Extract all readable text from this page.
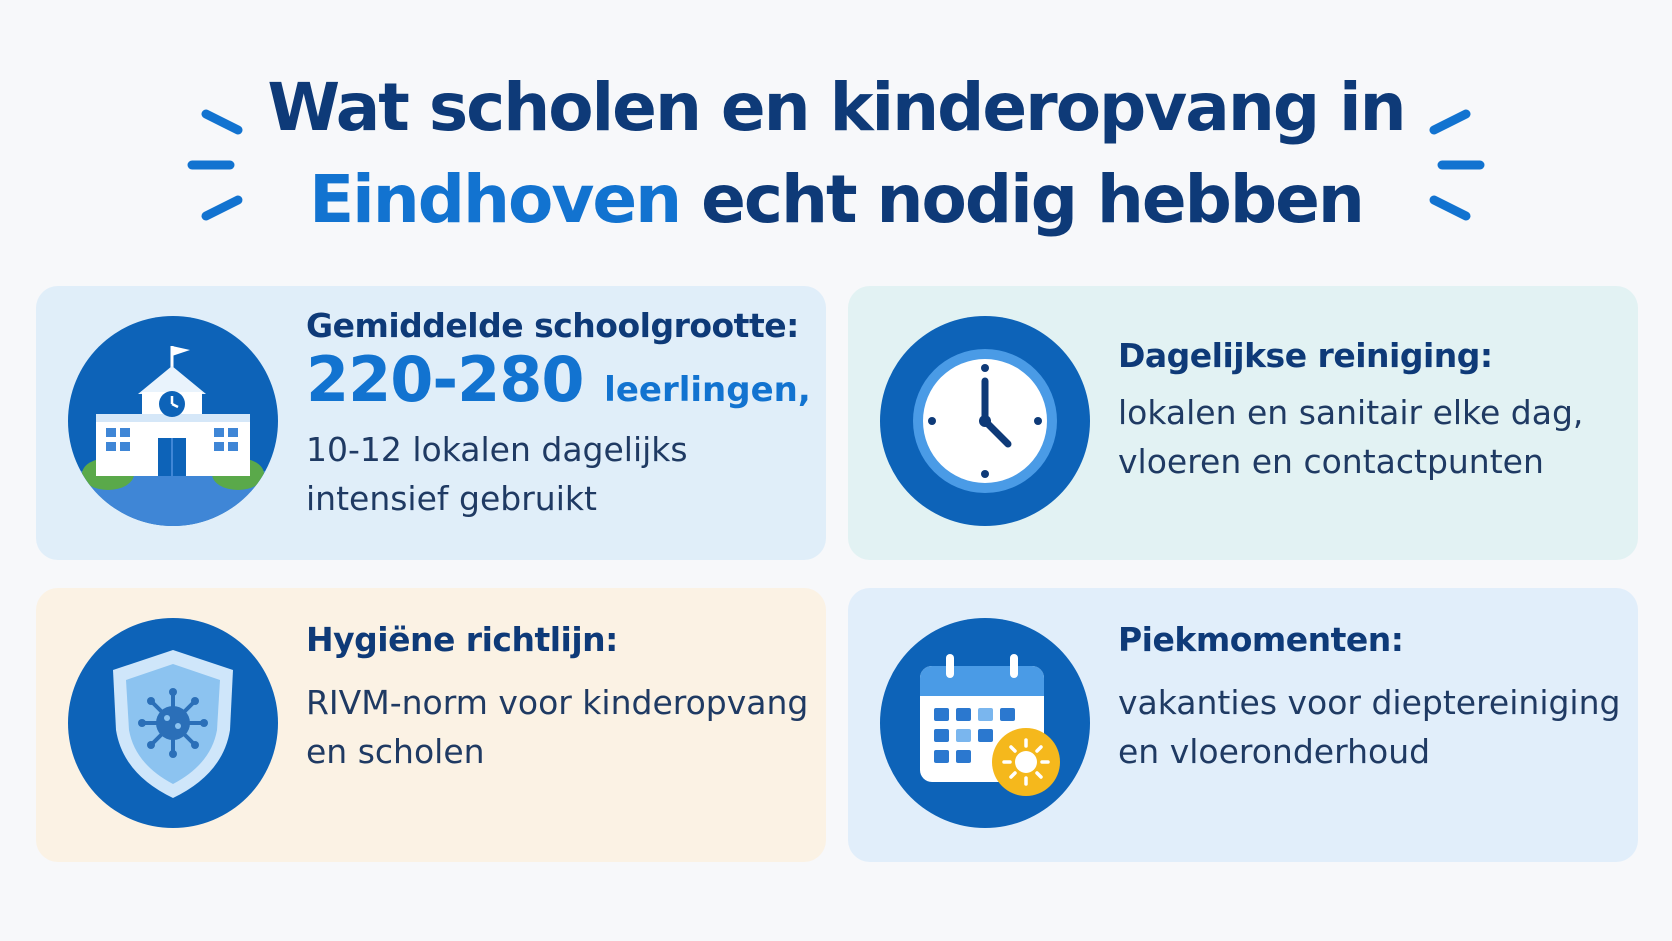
Wat scholen en kinderopvang in
Eindhoven echt nodig hebben
Gemiddelde schoolgrootte:
220-280 leerlingen,
10-12 lokalen dagelijks
intensief gebruikt
Dagelijkse reiniging:
lokalen en sanitair elke dag,
vloeren en contactpunten
Hygiëne richtlijn:
RIVM-norm voor kinderopvang
en scholen
Piekmomenten:
vakanties voor dieptereiniging
en vloeronderhoud
